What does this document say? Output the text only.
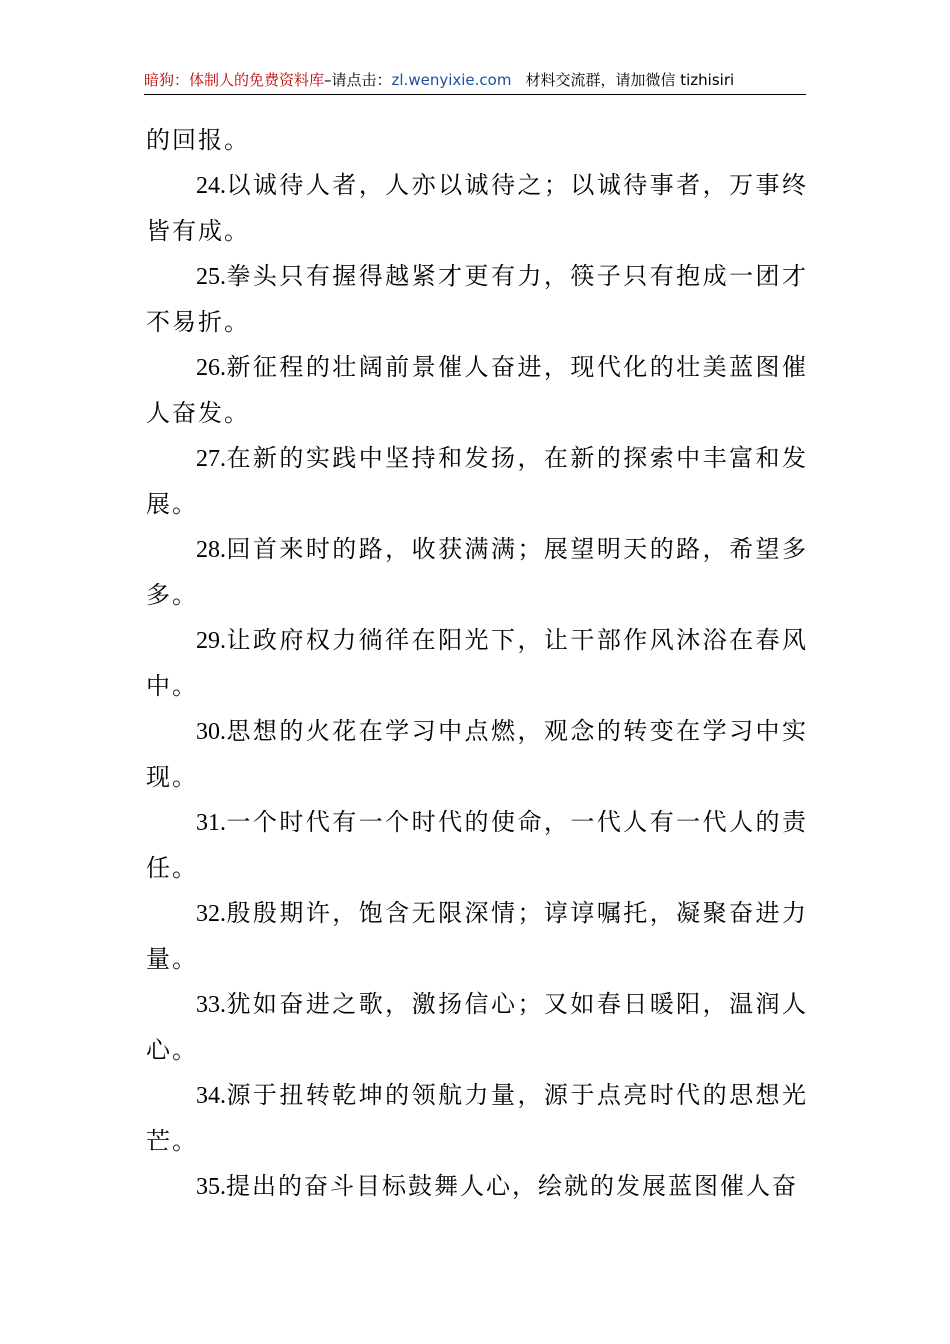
暗狗：体制人的免费资料库–请点击：zl.wenyixie.com 材料交流群，请加微信 tizhisiri

的回报。

24.以诚待人者，人亦以诚待之；以诚待事者，万事终皆有成。

25.拳头只有握得越紧才更有力，筷子只有抱成一团才不易折。

26.新征程的壮阔前景催人奋进，现代化的壮美蓝图催人奋发。

27.在新的实践中坚持和发扬，在新的探索中丰富和发展。

28.回首来时的路，收获满满；展望明天的路，希望多多。

29.让政府权力徜徉在阳光下，让干部作风沐浴在春风中。

30.思想的火花在学习中点燃，观念的转变在学习中实现。

31.一个时代有一个时代的使命，一代人有一代人的责任。

32.殷殷期许，饱含无限深情；谆谆嘱托，凝聚奋进力量。

33.犹如奋进之歌，激扬信心；又如春日暖阳，温润人心。

34.源于扭转乾坤的领航力量，源于点亮时代的思想光芒。

35.提出的奋斗目标鼓舞人心，绘就的发展蓝图催人奋
